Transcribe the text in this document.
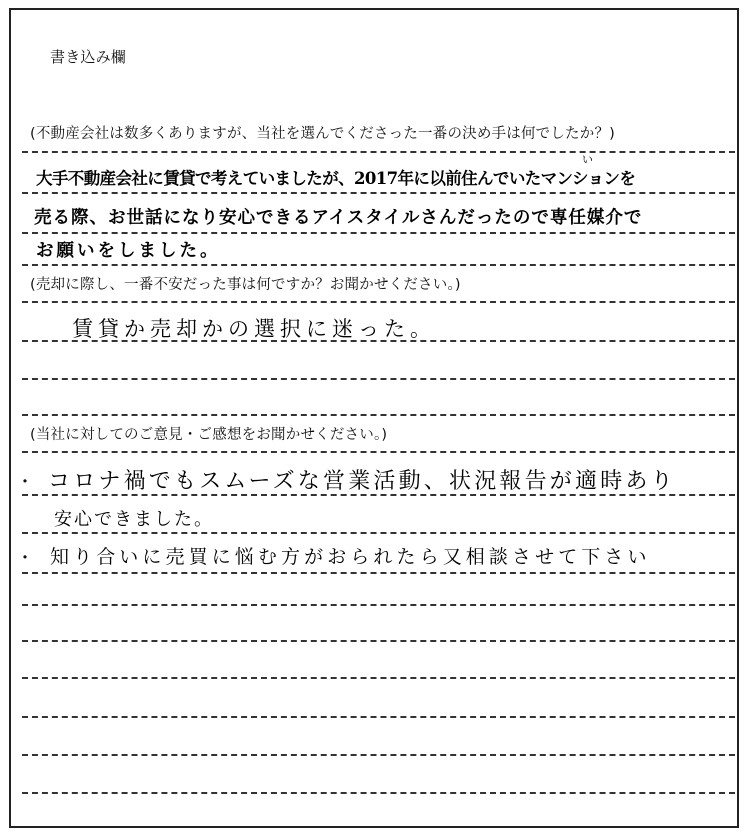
書き込み欄
(不動産会社は数多くありますが、当社を選んでくださった一番の決め手は何でしたか？)
大手不動産会社に賃貸で考えていましたが、2017年に以前住んでいたマンションを
い
売る際、お世話になり安心できるアイスタイルさんだったので専任媒介で
お願いをしました。
(売却に際し、一番不安だった事は何ですか？お聞かせください。)
賃貸か売却かの選択に迷った。
(当社に対してのご意見・ご感想をお聞かせください。)
・ コロナ禍でもスムーズな営業活動、状況報告が適時あり
安心できました。
・ 知り合いに売買に悩む方がおられたら又相談させて下さい
